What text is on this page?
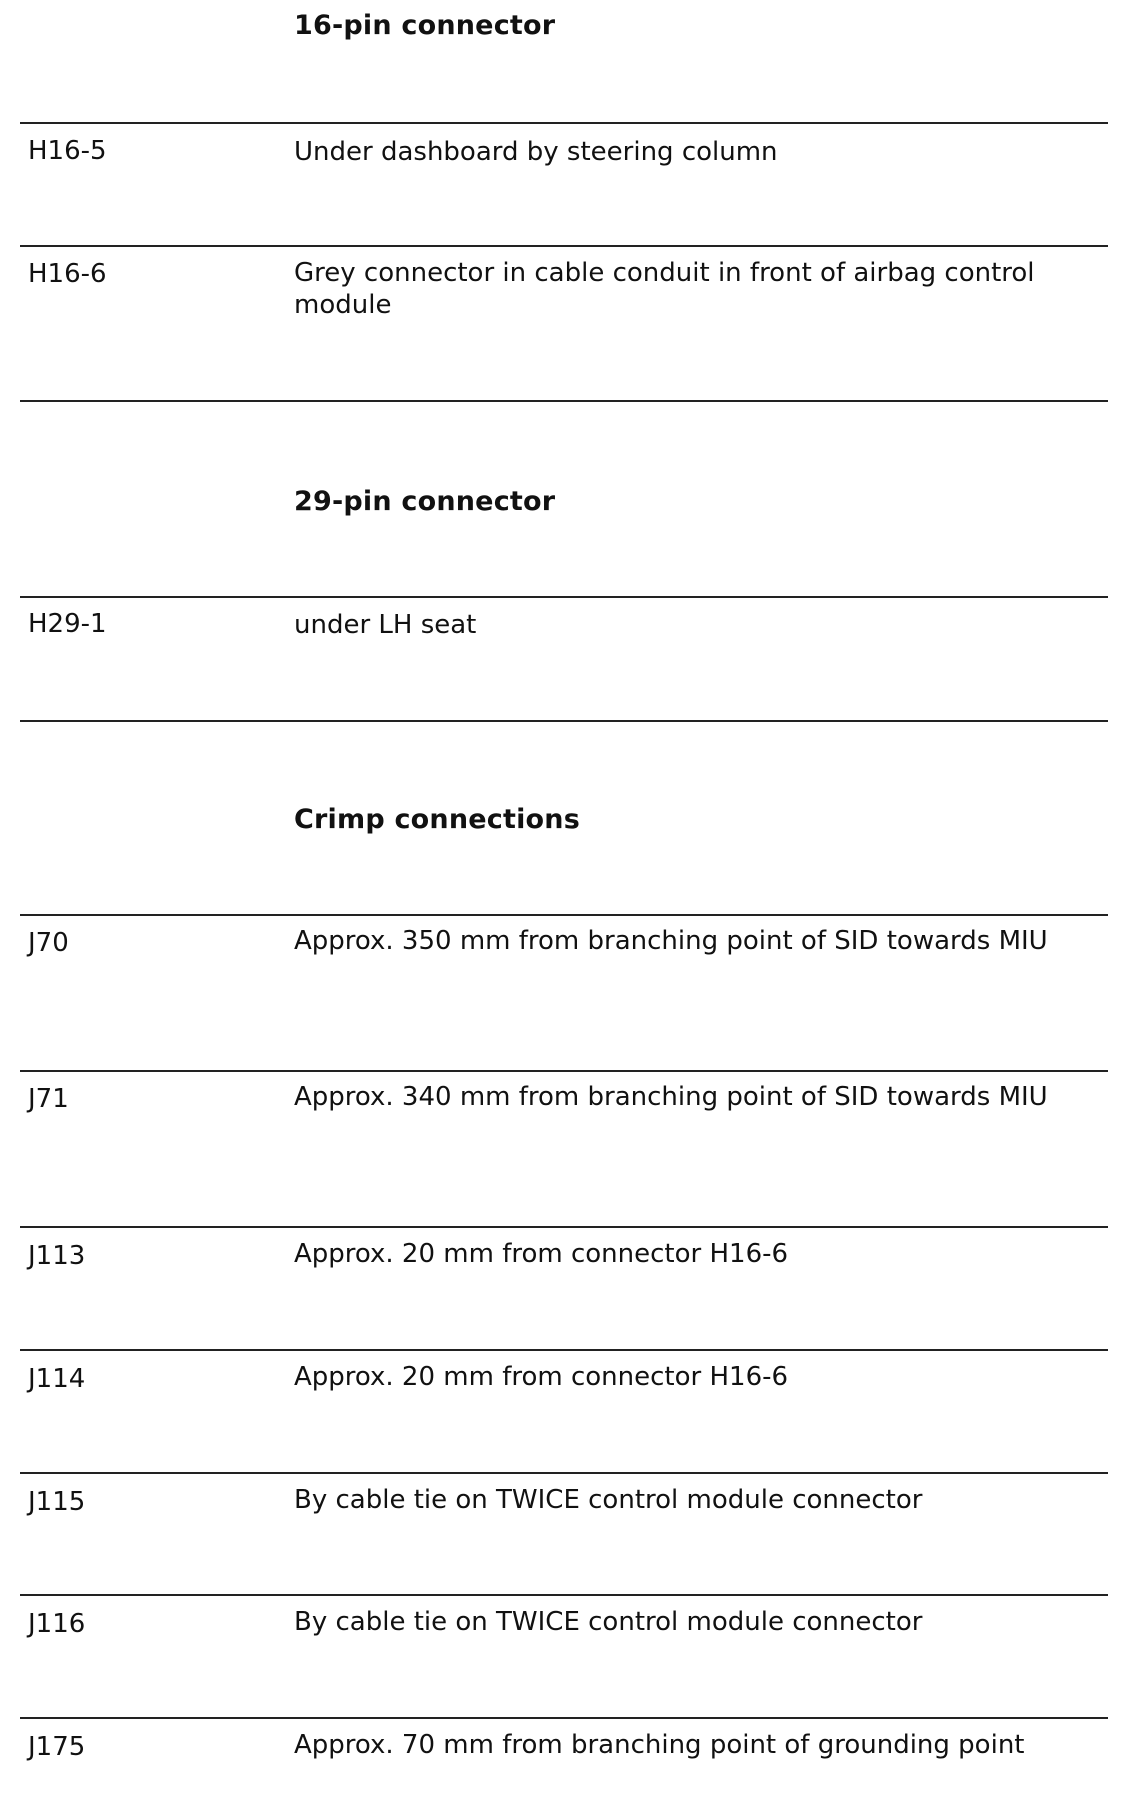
16-pin connector
H16-5	Under dashboard by steering column
H16-6	Grey connector in cable conduit in front of airbag control module
29-pin connector
H29-1	under LH seat
Crimp connections
J70	Approx. 350 mm from branching point of SID towards MIU
J71	Approx. 340 mm from branching point of SID towards MIU
J113	Approx. 20 mm from connector H16-6
J114	Approx. 20 mm from connector H16-6
J115	By cable tie on TWICE control module connector
J116	By cable tie on TWICE control module connector
J175	Approx. 70 mm from branching point of grounding point
